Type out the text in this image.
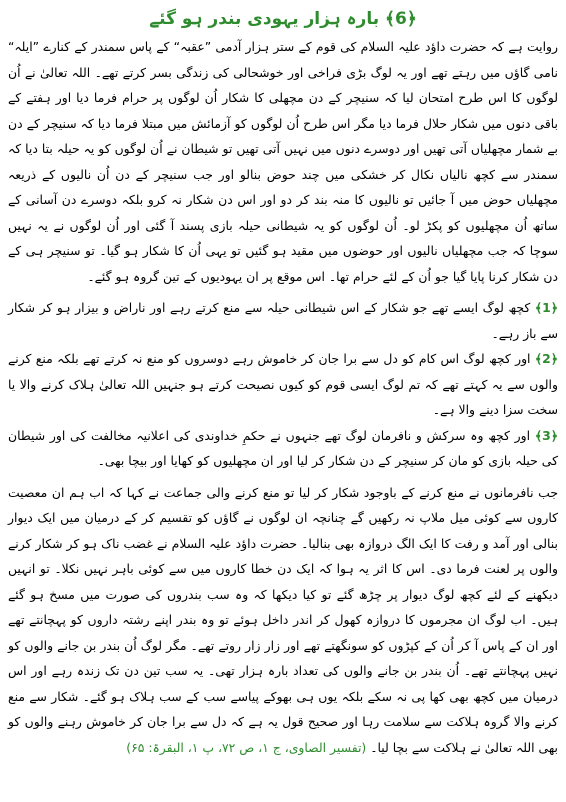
﴿6﴾ بارہ ہزار یہودی بندر ہو گئے

روایت ہے کہ حضرت داؤد علیہ السلام کی قوم کے ستر ہزار آدمی ”عقبہ“ کے پاس سمندر کے کنارے ”ایلہ“ نامی گاؤں میں رہتے تھے اور یہ لوگ بڑی فراخی اور خوشحالی کی زندگی بسر کرتے تھے۔ اللہ تعالیٰ نے اُن لوگوں کا اس طرح امتحان لیا کہ سنیچر کے دن مچھلی کا شکار اُن لوگوں پر حرام فرما دیا اور ہفتے کے باقی دنوں میں شکار حلال فرما دیا مگر اس طرح اُن لوگوں کو آزمائش میں مبتلا فرما دیا کہ سنیچر کے دن بے شمار مچھلیاں آتی تھیں اور دوسرے دنوں میں نہیں آتی تھیں تو شیطان نے اُن لوگوں کو یہ حیلہ بتا دیا کہ سمندر سے کچھ نالیاں نکال کر خشکی میں چند حوض بنالو اور جب سنیچر کے دن اُن نالیوں کے ذریعہ مچھلیاں حوض میں آ جائیں تو نالیوں کا منہ بند کر دو اور اس دن شکار نہ کرو بلکہ دوسرے دن آسانی کے ساتھ اُن مچھلیوں کو پکڑ لو۔ اُن لوگوں کو یہ شیطانی حیلہ بازی پسند آ گئی اور اُن لوگوں نے یہ نہیں سوچا کہ جب مچھلیاں نالیوں اور حوضوں میں مقید ہو گئیں تو یہی اُن کا شکار ہو گیا۔ تو سنیچر ہی کے دن شکار کرنا پایا گیا جو اُن کے لئے حرام تھا۔ اس موقع پر ان یہودیوں کے تین گروہ ہو گئے۔

﴿1﴾ کچھ لوگ ایسے تھے جو شکار کے اس شیطانی حیلہ سے منع کرتے رہے اور ناراض و بیزار ہو کر شکار سے باز رہے۔

﴿2﴾ اور کچھ لوگ اس کام کو دل سے برا جان کر خاموش رہے دوسروں کو منع نہ کرتے تھے بلکہ منع کرنے والوں سے یہ کہتے تھے کہ تم لوگ ایسی قوم کو کیوں نصیحت کرتے ہو جنہیں اللہ تعالیٰ ہلاک کرنے والا یا سخت سزا دینے والا ہے۔

﴿3﴾ اور کچھ وہ سرکش و نافرمان لوگ تھے جنہوں نے حکمِ خداوندی کی اعلانیہ مخالفت کی اور شیطان کی حیلہ بازی کو مان کر سنیچر کے دن شکار کر لیا اور ان مچھلیوں کو کھایا اور بیچا بھی۔

جب نافرمانوں نے منع کرنے کے باوجود شکار کر لیا تو منع کرنے والی جماعت نے کہا کہ اب ہم ان معصیت کاروں سے کوئی میل ملاپ نہ رکھیں گے چنانچہ ان لوگوں نے گاؤں کو تقسیم کر کے درمیان میں ایک دیوار بنالی اور آمد و رفت کا ایک الگ دروازہ بھی بنالیا۔ حضرت داؤد علیہ السلام نے غضب ناک ہو کر شکار کرنے والوں پر لعنت فرما دی۔ اس کا اثر یہ ہوا کہ ایک دن خطا کاروں میں سے کوئی باہر نہیں نکلا۔ تو انہیں دیکھنے کے لئے کچھ لوگ دیوار پر چڑھ گئے تو کیا دیکھا کہ وہ سب بندروں کی صورت میں مسخ ہو گئے ہیں۔ اب لوگ ان مجرموں کا دروازہ کھول کر اندر داخل ہوئے تو وہ بندر اپنے رشتہ داروں کو پہچانتے تھے اور ان کے پاس آ کر اُن کے کپڑوں کو سونگھتے تھے اور زار زار روتے تھے۔ مگر لوگ اُن بندر بن جانے والوں کو نہیں پہچانتے تھے۔ اُن بندر بن جانے والوں کی تعداد بارہ ہزار تھی۔ یہ سب تین دن تک زندہ رہے اور اس درمیان میں کچھ بھی کھا پی نہ سکے بلکہ یوں ہی بھوکے پیاسے سب کے سب ہلاک ہو گئے۔ شکار سے منع کرنے والا گروہ ہلاکت سے سلامت رہا اور صحیح قول یہ ہے کہ دل سے برا جان کر خاموش رہنے والوں کو بھی اللہ تعالیٰ نے ہلاکت سے بچا لیا۔ (تفسیر الصاوی، ج ۱، ص ۷۲، پ ۱، البقرۃ: ۶۵)
